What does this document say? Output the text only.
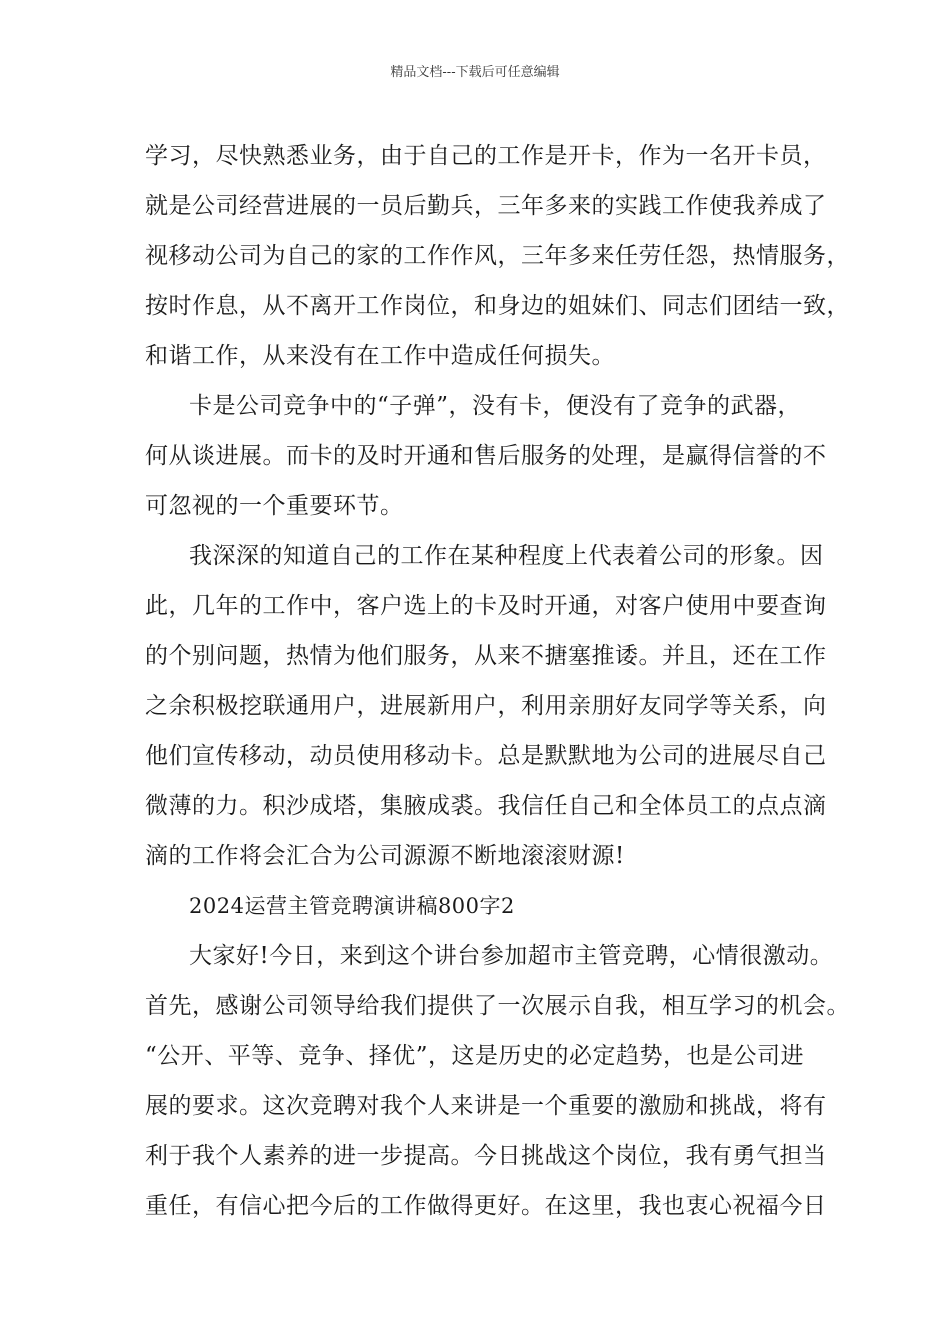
精品文档---下载后可任意编辑
学习，尽快熟悉业务，由于自己的工作是开卡，作为一名开卡员，
就是公司经营进展的一员后勤兵，三年多来的实践工作使我养成了
视移动公司为自己的家的工作作风，三年多来任劳任怨，热情服务，
按时作息，从不离开工作岗位，和身边的姐妹们、同志们团结一致，
和谐工作，从来没有在工作中造成任何损失。
卡是公司竞争中的“子弹”，没有卡，便没有了竞争的武器，
何从谈进展。而卡的及时开通和售后服务的处理，是赢得信誉的不
可忽视的一个重要环节。
我深深的知道自己的工作在某种程度上代表着公司的形象。因
此，几年的工作中，客户选上的卡及时开通，对客户使用中要查询
的个别问题，热情为他们服务，从来不搪塞推诿。并且，还在工作
之余积极挖联通用户，进展新用户，利用亲朋好友同学等关系，向
他们宣传移动，动员使用移动卡。总是默默地为公司的进展尽自己
微薄的力。积沙成塔，集腋成裘。我信任自己和全体员工的点点滴
滴的工作将会汇合为公司源源不断地滚滚财源!
2024运营主管竞聘演讲稿800字2
大家好!今日，来到这个讲台参加超市主管竞聘，心情很激动。
首先，感谢公司领导给我们提供了一次展示自我，相互学习的机会。
“公开、平等、竞争、择优”，这是历史的必定趋势，也是公司进
展的要求。这次竞聘对我个人来讲是一个重要的激励和挑战，将有
利于我个人素养的进一步提高。今日挑战这个岗位，我有勇气担当
重任，有信心把今后的工作做得更好。在这里，我也衷心祝福今日
